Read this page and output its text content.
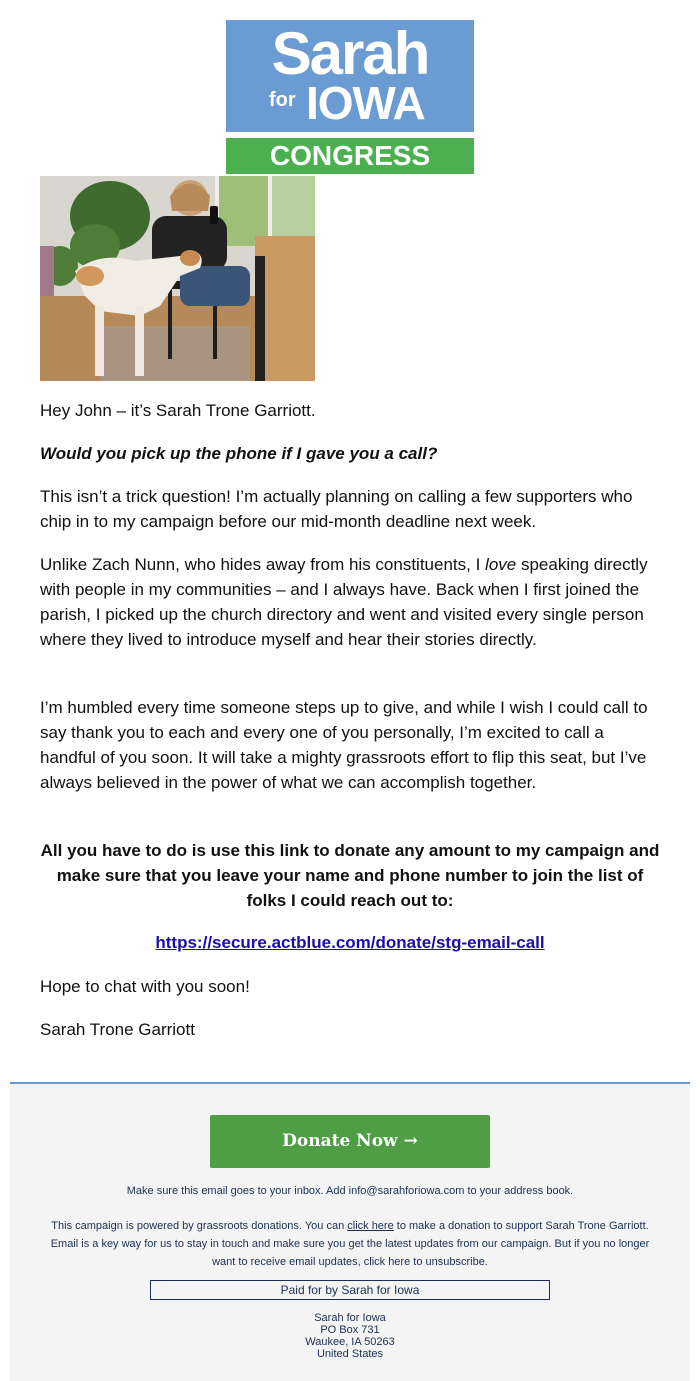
Sarah
for IOWA
CONGRESS

Hey John – it’s Sarah Trone Garriott.

Would you pick up the phone if I gave you a call?

This isn’t a trick question! I’m actually planning on calling a few supporters who chip in to my campaign before our mid-month deadline next week.

Unlike Zach Nunn, who hides away from his constituents, I love speaking directly with people in my communities – and I always have. Back when I first joined the parish, I picked up the church directory and went and visited every single person where they lived to introduce myself and hear their stories directly.

I’m humbled every time someone steps up to give, and while I wish I could call to say thank you to each and every one of you personally, I’m excited to call a handful of you soon. It will take a mighty grassroots effort to flip this seat, but I’ve always believed in the power of what we can accomplish together.

All you have to do is use this link to donate any amount to my campaign and make sure that you leave your name and phone number to join the list of folks I could reach out to:

https://secure.actblue.com/donate/stg-email-call

Hope to chat with you soon!

Sarah Trone Garriott

Donate Now →

Make sure this email goes to your inbox. Add info@sarahforiowa.com to your address book.

This campaign is powered by grassroots donations. You can click here to make a donation to support Sarah Trone Garriott.

Email is a key way for us to stay in touch and make sure you get the latest updates from our campaign. But if you no longer

want to receive email updates, click here to unsubscribe.

Paid for by Sarah for Iowa
Sarah for Iowa
PO Box 731
Waukee, IA 50263
United States
